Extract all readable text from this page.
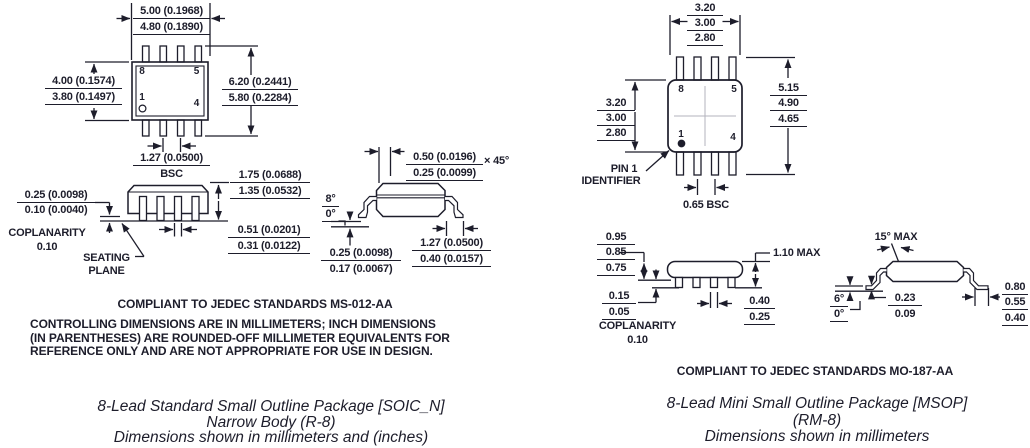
5.00 (0.1968)
4.80 (0.1890)
4.00 (0.1574)
3.80 (0.1497)
6.20 (0.2441)
5.80 (0.2284)
1.27 (0.0500)
BSC
8	5
1
4
1.75 (0.0688)
1.35 (0.0532)
0.25 (0.0098)
0.10 (0.0040)
COPLANARITY
0.10
SEATING
PLANE
0.51 (0.0201)
0.31 (0.0122)
0.50 (0.0196)
0.25 (0.0099)
× 45°
8°
0°
0.25 (0.0098)
0.17 (0.0067)
1.27 (0.0500)
0.40 (0.0157)
COMPLIANT TO JEDEC STANDARDS MS-012-AA
CONTROLLING DIMENSIONS ARE IN MILLIMETERS; INCH DIMENSIONS
(IN PARENTHESES) ARE ROUNDED-OFF MILLIMETER EQUIVALENTS FOR
REFERENCE ONLY AND ARE NOT APPROPRIATE FOR USE IN DESIGN.
8-Lead Standard Small Outline Package [SOIC_N]
Narrow Body (R-8)
Dimensions shown in millimeters and (inches)
3.20
3.00
2.80
3.20
3.00
2.80
5.15
4.90
4.65
PIN 1
IDENTIFIER
0.65 BSC
8	5
1	4
0.95
0.85
0.75
1.10 MAX
0.15
0.05
COPLANARITY
0.10
0.40
0.25
15° MAX
6°
0°
0.23
0.09
0.80
0.55
0.40
COMPLIANT TO JEDEC STANDARDS MO-187-AA
8-Lead Mini Small Outline Package [MSOP]
(RM-8)
Dimensions shown in millimeters
